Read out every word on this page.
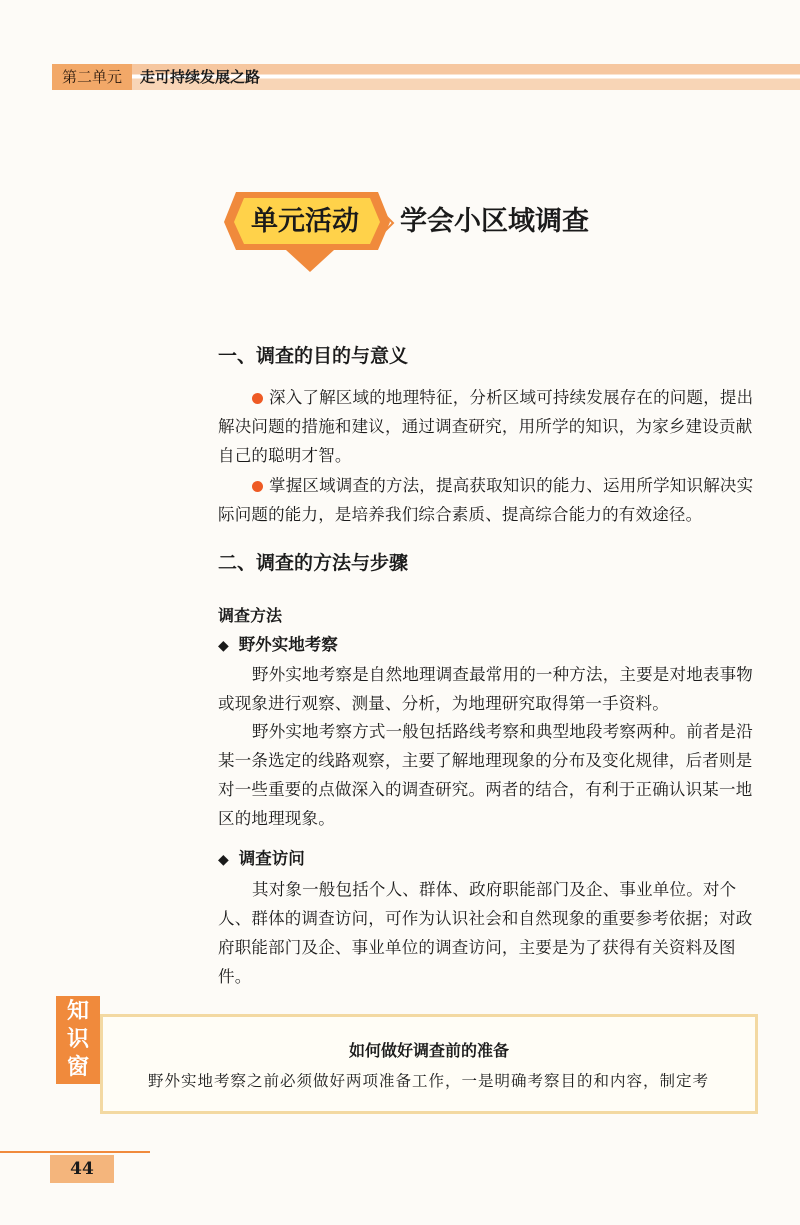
第二单元	走可持续发展之路
单元活动	学会小区域调查
一、调查的目的与意义
深入了解区域的地理特征，分析区域可持续发展存在的问题，提出解决问题的措施和建议，通过调查研究，用所学的知识，为家乡建设贡献自己的聪明才智。
掌握区域调查的方法，提高获取知识的能力、运用所学知识解决实际问题的能力，是培养我们综合素质、提高综合能力的有效途径。
二、调查的方法与步骤
调查方法
◆ 野外实地考察
野外实地考察是自然地理调查最常用的一种方法，主要是对地表事物或现象进行观察、测量、分析，为地理研究取得第一手资料。
野外实地考察方式一般包括路线考察和典型地段考察两种。前者是沿某一条选定的线路观察，主要了解地理现象的分布及变化规律，后者则是对一些重要的点做深入的调查研究。两者的结合，有利于正确认识某一地区的地理现象。
◆ 调查访问
其对象一般包括个人、群体、政府职能部门及企、事业单位。对个人、群体的调查访问，可作为认识社会和自然现象的重要参考依据；对政府职能部门及企、事业单位的调查访问，主要是为了获得有关资料及图件。
知
识
窗
如何做好调查前的准备
野外实地考察之前必须做好两项准备工作，一是明确考察目的和内容，制定考
44
